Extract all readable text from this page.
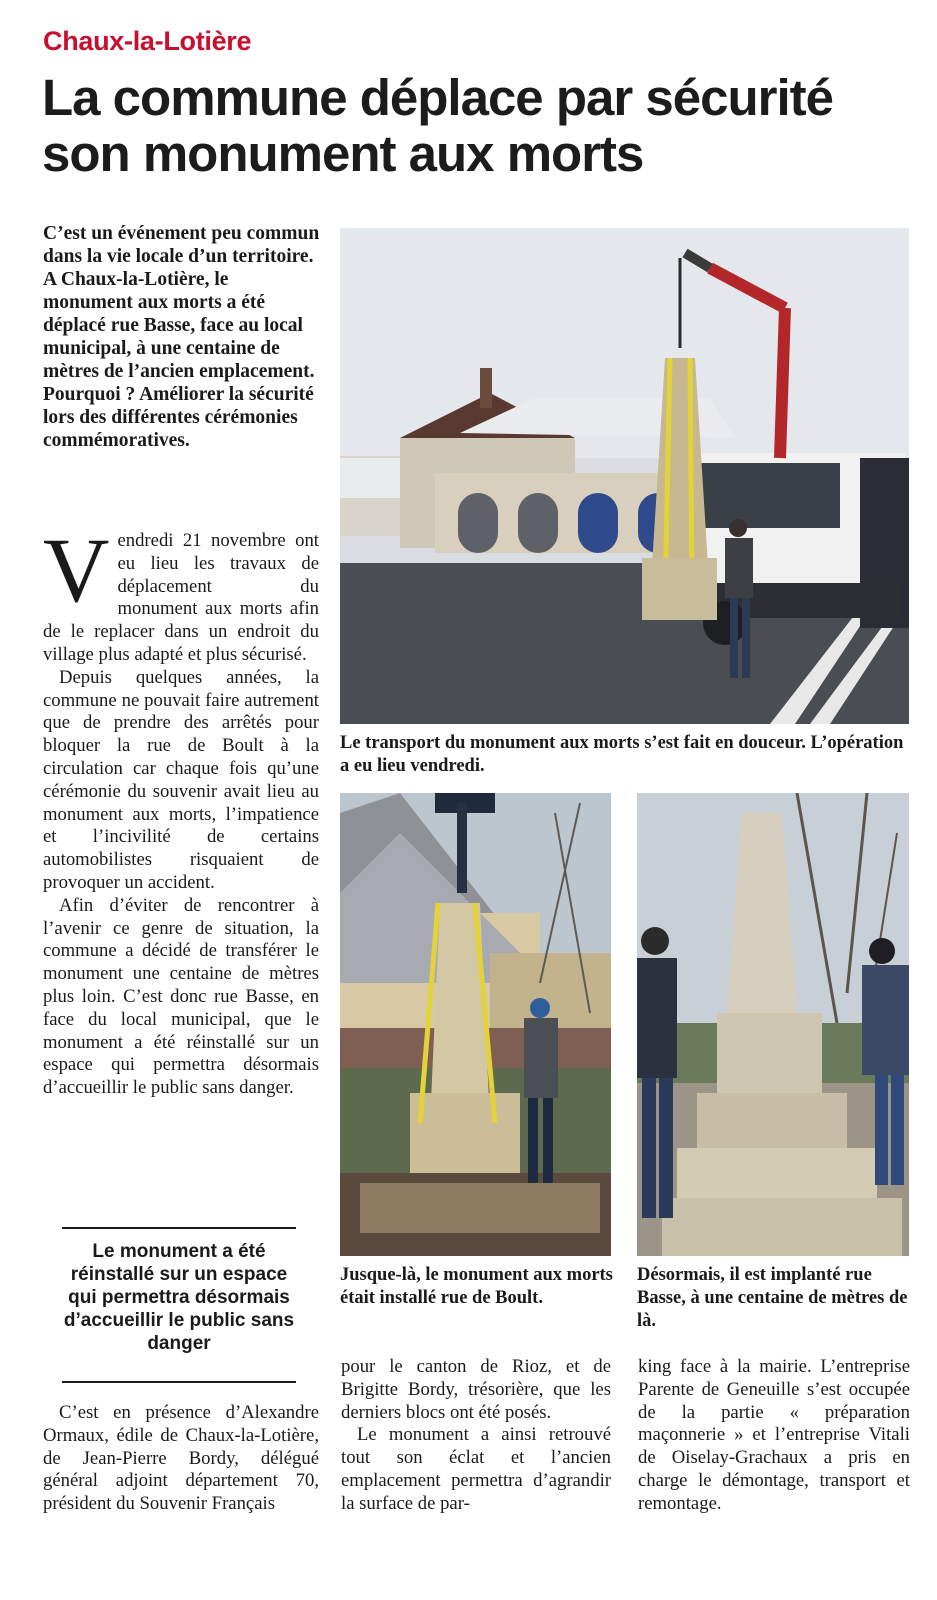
Chaux-la-Lotière
La commune déplace par sécurité son monument aux morts
C’est un événement peu commun dans la vie locale d’un territoire. A Chaux-la-Lotière, le monument aux morts a été déplacé rue Basse, face au local municipal, à une centaine de mètres de l’ancien emplacement. Pourquoi ? Améliorer la sécurité lors des différentes cérémonies commémoratives.

Vendredi 21 novembre ont eu lieu les travaux de déplacement du monument aux morts afin de le replacer dans un endroit du village plus adapté et plus sécurisé.

Depuis quelques années, la commune ne pouvait faire autrement que de prendre des arrêtés pour bloquer la rue de Boult à la circulation car chaque fois qu’une cérémonie du souvenir avait lieu au monument aux morts, l’impatience et l’incivilité de certains automobilistes risquaient de provoquer un accident.

Afin d’éviter de rencontrer à l’avenir ce genre de situation, la commune a décidé de transférer le monument une centaine de mètres plus loin. C’est donc rue Basse, en face du local municipal, que le monument a été réinstallé sur un espace qui permettra désormais d’accueillir le public sans danger.

Le monument a été réinstallé sur un espace qui permettra désormais d’accueillir le public sans danger

C’est en présence d’Alexandre Ormaux, édile de Chaux-la-Lotière, de Jean-Pierre Bordy, délégué général adjoint département 70, président du Souvenir Français

Le transport du monument aux morts s’est fait en douceur. L’opération a eu lieu vendredi.
Jusque-là, le monument aux morts était installé rue de Boult.
Désormais, il est implanté rue Basse, à une centaine de mètres de là.

pour le canton de Rioz, et de Brigitte Bordy, trésorière, que les derniers blocs ont été posés.

Le monument a ainsi retrouvé tout son éclat et l’ancien emplacement permettra d’agrandir la surface de par-

king face à la mairie. L’entreprise Parente de Geneuille s’est occupée de la partie « préparation maçonnerie » et l’entreprise Vitali de Oiselay-Grachaux a pris en charge le démontage, transport et remontage.
